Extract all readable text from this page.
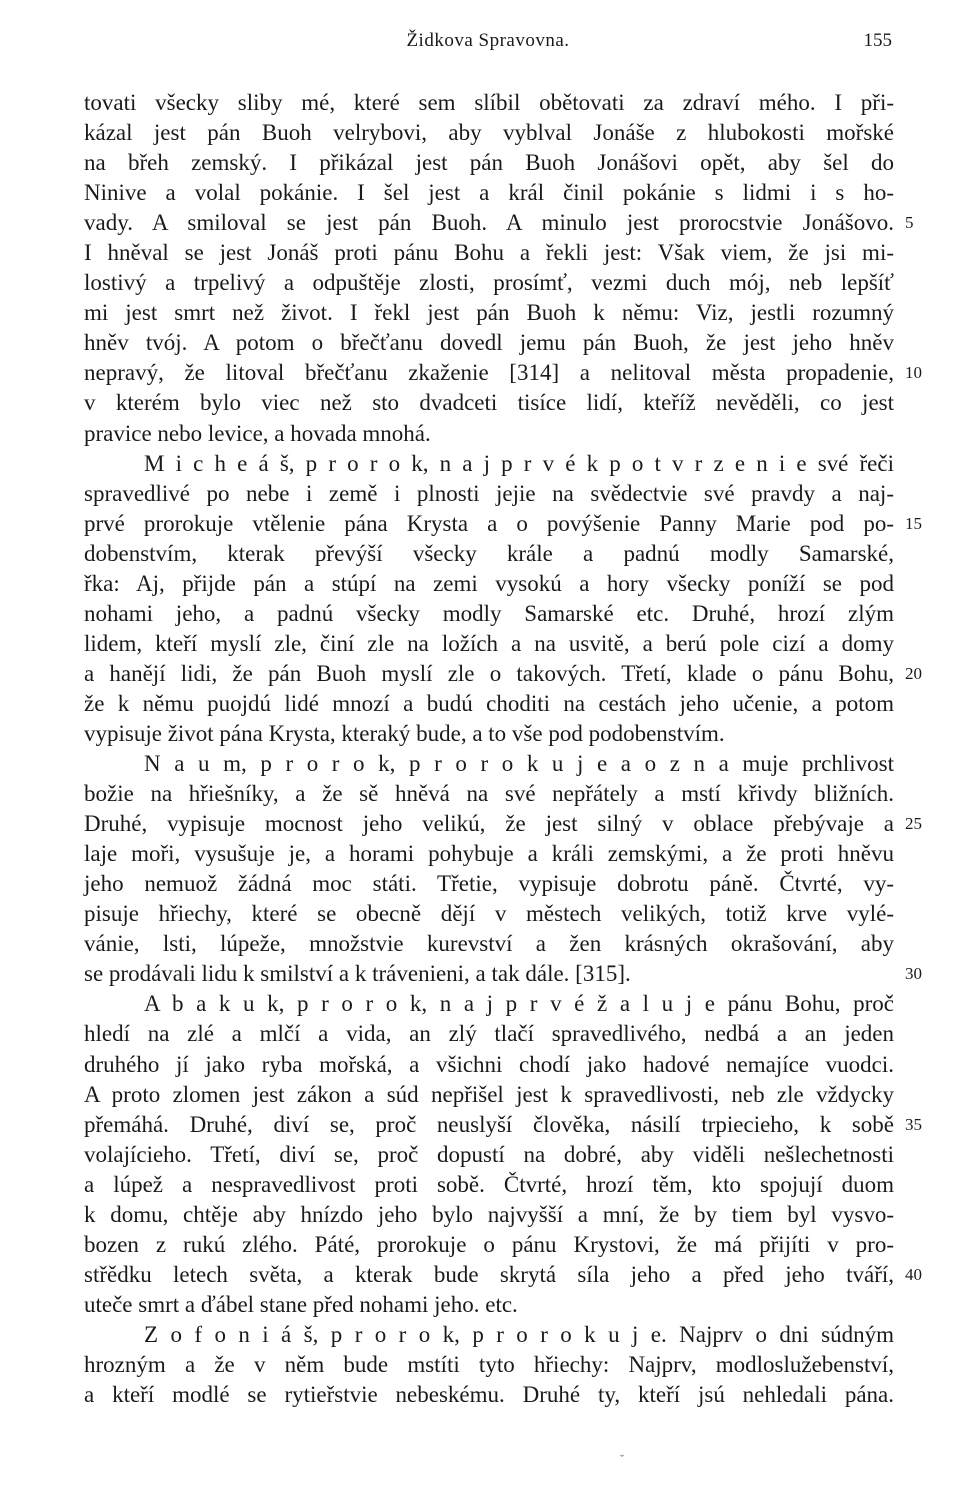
Židkova Spravovna.	155
tovati všecky sliby mé, které sem slíbil obětovati za zdraví mého. I při-
kázal jest pán Buoh velrybovi, aby vyblval Jonáše z hlubokosti mořské
na břeh zemský. I přikázal jest pán Buoh Jonášovi opět, aby šel do
Ninive a volal pokánie. I šel jest a král činil pokánie s lidmi i s ho-
vady. A smiloval se jest pán Buoh. A minulo jest prorocstvie Jonášovo. 5
I hněval se jest Jonáš proti pánu Bohu a řekli jest: Však viem, že jsi mi-
lostivý a trpelivý a odpuštěje zlosti, prosímť, vezmi duch mój, neb lepšíť
mi jest smrt než život. I řekl jest pán Buoh k němu: Viz, jestli rozumný
hněv tvój. A potom o břečťanu dovedl jemu pán Buoh, že jest jeho hněv
nepravý, že litoval břečťanu zkaženie [314] a nelitoval města propadenie, 10
v kterém bylo viec než sto dvadceti tisíce lidí, kteříž nevěděli, co jest
pravice nebo levice, a hovada mnohá.
M i c h e á š, p r o r o k, n a j p r v é k p o t v r z e n i e své řeči
spravedlivé po nebe i země i plnosti jejie na svědectvie své pravdy a naj-
prvé prorokuje vtělenie pána Krysta a o povýšenie Panny Marie pod po- 15
dobenstvím, kterak převýší všecky krále a padnú modly Samarské,
řka: Aj, přijde pán a stúpí na zemi vysokú a hory všecky poníží se pod
nohami jeho, a padnú všecky modly Samarské etc. Druhé, hrozí zlým
lidem, kteří myslí zle, činí zle na ložích a na usvitě, a berú pole cizí a domy
a hanějí lidi, že pán Buoh myslí zle o takových. Třetí, klade o pánu Bohu, 20
že k němu puojdú lidé mnozí a budú choditi na cestách jeho učenie, a potom
vypisuje život pána Krysta, kteraký bude, a to vše pod podobenstvím.
N a u m, p r o r o k, p r o r o k u j e a o z n a muje prchlivost
božie na hřiešníky, a že sě hněvá na své nepřátely a mstí křivdy bližních.
Druhé, vypisuje mocnost jeho velikú, že jest silný v oblace přebývaje a 25
laje moři, vysušuje je, a horami pohybuje a králi zemskými, a že proti hněvu
jeho nemuož žádná moc státi. Třetie, vypisuje dobrotu páně. Čtvrté, vy-
pisuje hřiechy, které se obecně dějí v městech velikých, totiž krve vylé-
vánie, lsti, lúpeže, množstvie kurevství a žen krásných okrašování, aby
se prodávali lidu k smilství a k trávenieni, a tak dále. [315].	30
A b a k u k, p r o r o k, n a j p r v é ž a l u j e pánu Bohu, proč
hledí na zlé a mlčí a vida, an zlý tlačí spravedlivého, nedbá a an jeden
druhého jí jako ryba mořská, a všichni chodí jako hadové nemajíce vuodci.
A proto zlomen jest zákon a súd nepřišel jest k spravedlivosti, neb zle vždycky
přemáhá. Druhé, diví se, proč neuslyší člověka, násilí trpiecieho, k sobě 35
volajícieho. Třetí, diví se, proč dopustí na dobré, aby viděli nešlechetnosti
a lúpež a nespravedlivost proti sobě. Čtvrté, hrozí těm, kto spojují duom
k domu, chtěje aby hnízdo jeho bylo najvyšší a mní, že by tiem byl vysvo-
bozen z rukú zlého. Páté, prorokuje o pánu Krystovi, že má přijíti v pro-
střědku letech světa, a kterak bude skrytá síla jeho a před jeho tváří, 40
uteče smrt a ďábel stane před nohami jeho. etc.
Z o f o n i á š, p r o r o k, p r o r o k u j e. Najprv o dni súdným
hrozným a že v něm bude mstíti tyto hřiechy: Najprv, modloslužebenství,
a kteří modlé se rytieřstvie nebeskému. Druhé ty, kteří jsú nehledali pána.
ˇ
